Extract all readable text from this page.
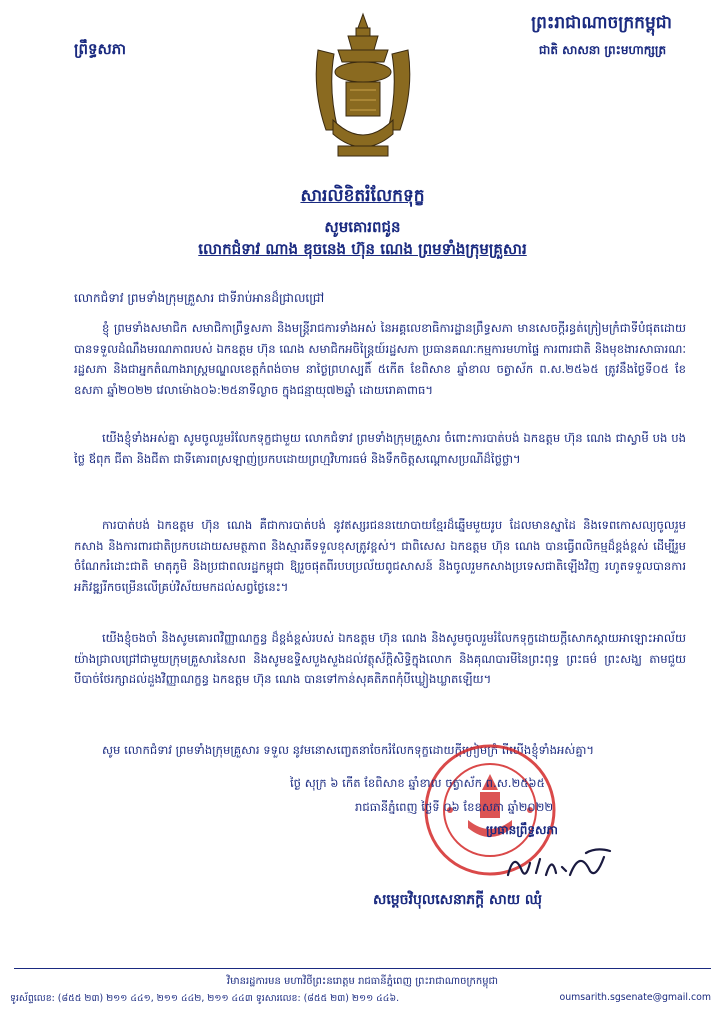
ព្រឹទ្ធសភា
ព្រះរាជាណាចក្រកម្ពុជា
ជាតិ សាសនា ព្រះមហាក្សត្រ
សារលិខិតរំលែកទុក្ខ
សូមគោរពជូន
លោកជំទាវ ណាង ឌុចនេង ហ៊ុន ណេង ព្រមទាំងក្រុមគ្រួសារ
លោកជំទាវ ព្រមទាំងក្រុមគ្រួសារ ជាទីរាប់អានដ៏ជ្រាលជ្រៅ

ខ្ញុំ ព្រមទាំងសមាជិក សមាជិកាព្រឹទ្ធសភា និងមន្ត្រីរាជការទាំងអស់ នៃអគ្គលេខាធិការដ្ឋានព្រឹទ្ធសភា មានសេចក្តីរន្ធត់ក្រៀមក្រំជាទីបំផុតដោយបានទទួលដំណឹងមរណភាពរបស់ ឯកឧត្តម ហ៊ុន ណេង សមាជិកអចិន្ត្រៃយ៍រដ្ឋសភា ប្រធានគណៈកម្មការមហាផ្ទៃ ការពារជាតិ និងមុខងារសាធារណៈរដ្ឋសភា និងជាអ្នកតំណាងរាស្ត្រមណ្ឌលខេត្តកំពង់ចាម នាថ្ងៃព្រហស្បតិ៍ ៥កើត ខែពិសាខ ឆ្នាំខាល ចត្វាស័ក ព.ស.២៥៦៥ ត្រូវនឹងថ្ងៃទី០៥ ខែឧសភា ឆ្នាំ២០២២ វេលាម៉ោង០៦:២៥នាទីល្ងាច ក្នុងជន្មាយុ៧២ឆ្នាំ ដោយរោគាពាធ។

យើងខ្ញុំទាំងអស់គ្នា សូមចូលរួមរំលែកទុក្ខជាមួយ លោកជំទាវ ព្រមទាំងក្រុមគ្រួសារ ចំពោះការបាត់បង់ ឯកឧត្តម ហ៊ុន ណេង ជាស្វាមី បង បងថ្លៃ ឪពុក ជីតា និងជីតា ជាទីគោរពស្រឡាញ់ប្រកបដោយព្រហ្មវិហារធម៌ និងទឹកចិត្តសណ្ដោសប្រណីដ៏ថ្លៃថ្លា។

ការបាត់បង់ ឯកឧត្តម ហ៊ុន ណេង គឺជាការបាត់បង់ នូវឥស្សរជននយោបាយខ្មែរដ៏ឆ្នើមមួយរូប ដែលមានស្នាដៃ និងទេពកោសល្យចូលរួមកសាង និងការពារជាតិប្រកបដោយសមត្ថភាព និងស្មារតីទទួលខុសត្រូវខ្ពស់។ ជាពិសេស ឯកឧត្តម ហ៊ុន ណេង បានធ្វើពលិកម្មដ៏ខ្ពង់ខ្ពស់ ដើម្បីរួមចំណែករំដោះជាតិ មាតុភូមិ និងប្រជាពលរដ្ឋកម្ពុជា ឱ្យរួចផុតពីរបបប្រល័យពូជសាសន៍ និងចូលរួមកសាងប្រទេសជាតិឡើងវិញ រហូតទទួលបានការអភិវឌ្ឍរីកចម្រើនលើគ្រប់វិស័យមកដល់សព្វថ្ងៃនេះ។

យើងខ្ញុំចងចាំ និងសូមគោរពវិញ្ញាណក្ខន្ធ ដ៏ខ្ពង់ខ្ពស់របស់ ឯកឧត្តម ហ៊ុន ណេង និងសូមចូលរួមរំលែកទុក្ខដោយក្ដីសោកស្ដាយអាឡោះអាល័យយ៉ាងជ្រាលជ្រៅជាមួយក្រុមគ្រួសារនៃសព និងសូមឧទ្ទិសបួងសួងដល់វត្ថុស័ក្ដិសិទ្ធិក្នុងលោក និងគុណបារមីនៃព្រះពុទ្ធ ព្រះធម៌ ព្រះសង្ឃ តាមជួយបីបាច់ថែរក្សាដល់ដួងវិញ្ញាណក្ខន្ធ ឯកឧត្តម ហ៊ុន ណេង បានទៅកាន់សុគតិភពកុំបីឃ្លៀងឃ្លាតឡើយ។

សូម លោកជំទាវ ព្រមទាំងក្រុមគ្រួសារ ទទួល នូវមនោសញ្ចេតនាចែករំលែកទុក្ខដោយក្ដីក្រៀមក្រំ ពីយើងខ្ញុំទាំងអស់គ្នា។

ថ្ងៃ សុក្រ ៦ កើត ខែពិសាខ ឆ្នាំខាល ចត្វាស័ក ព.ស.២៥៦៥
រាជធានីភ្នំពេញ ថ្ងៃទី ០៦ ខែឧសភា ឆ្នាំ២០២២
ប្រធានព្រឹទ្ធសភា
សម្ដេចវិបុលសេនាភក្តី សាយ ឈុំ
វិមានរដ្ឋការមន មហាវិថីព្រះនរោត្តម រាជធានីភ្នំពេញ ព្រះរាជាណាចក្រកម្ពុជា
ទូរស័ព្ទលេខ: (៨៥៥ ២៣) ២១១ ៤៤១, ២១១ ៤៤២, ២១១ ៤៤៣ ទូរសារលេខ: (៨៥៥ ២៣) ២១១ ៤៤៦.	oumsarith.sgsenate@gmail.com
